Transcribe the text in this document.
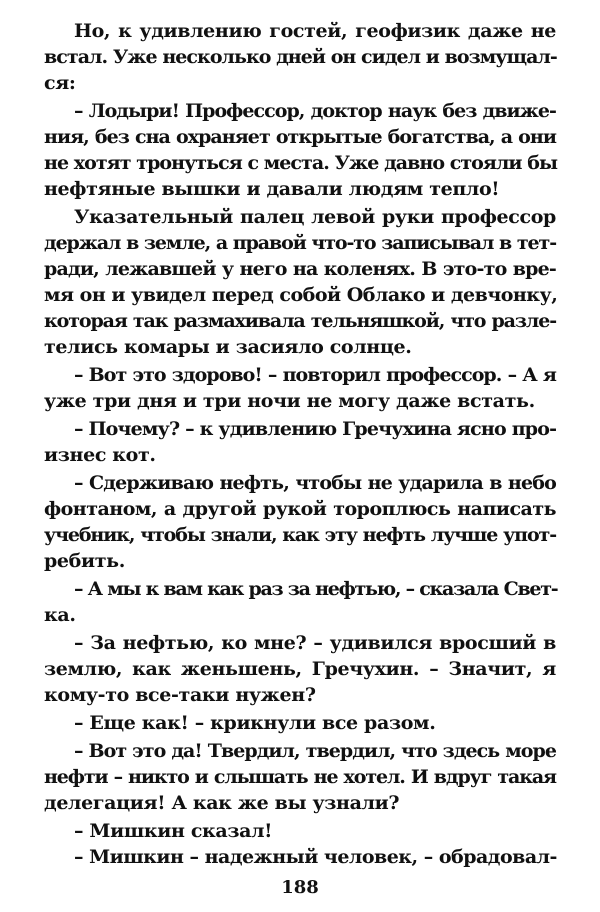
Но, к удивлению гостей, геофизик даже не
встал. Уже несколько дней он сидел и возмущал-
ся:
– Лодыри! Профессор, доктор наук без движе-
ния, без сна охраняет открытые богатства, а они
не хотят тронуться с места. Уже давно стояли бы
нефтяные вышки и давали людям тепло!
Указательный палец левой руки профессор
держал в земле, а правой что-то записывал в тет-
ради, лежавшей у него на коленях. В это-то вре-
мя он и увидел перед собой Облако и девчонку,
которая так размахивала тельняшкой, что разле-
телись комары и засияло солнце.
– Вот это здорово! – повторил профессор. – А я
уже три дня и три ночи не могу даже встать.
– Почему? – к удивлению Гречухина ясно про-
изнес кот.
– Сдерживаю нефть, чтобы не ударила в небо
фонтаном, а другой рукой тороплюсь написать
учебник, чтобы знали, как эту нефть лучше упот-
ребить.
– А мы к вам как раз за нефтью, – сказала Свет-
ка.
– За нефтью, ко мне? – удивился вросший в
землю, как женьшень, Гречухин. – Значит, я
кому-то все-таки нужен?
– Еще как! – крикнули все разом.
– Вот это да! Твердил, твердил, что здесь море
нефти – никто и слышать не хотел. И вдруг такая
делегация! А как же вы узнали?
– Мишкин сказал!
– Мишкин – надежный человек, – обрадовал-
188
